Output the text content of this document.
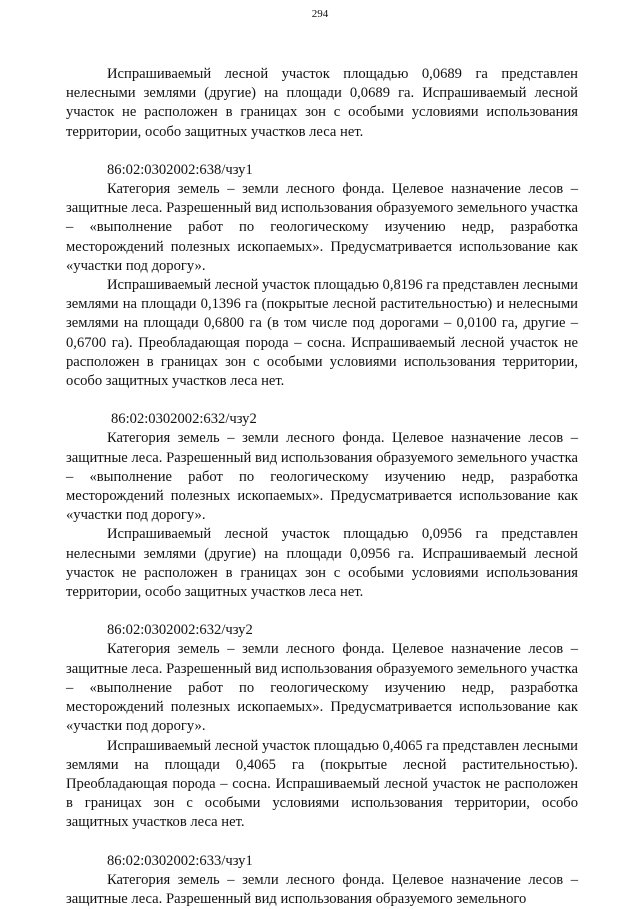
294

Испрашиваемый лесной участок площадью 0,0689 га представлен нелесными землями (другие) на площади 0,0689 га. Испрашиваемый лесной участок не расположен в границах зон с особыми условиями использования территории, особо защитных участков леса нет.

86:02:0302002:638/чзу1

Категория земель – земли лесного фонда. Целевое назначение лесов – защитные леса. Разрешенный вид использования образуемого земельного участка – «выполнение работ по геологическому изучению недр, разработка месторождений полезных ископаемых». Предусматривается использование как «участки под дорогу».

Испрашиваемый лесной участок площадью 0,8196 га представлен лесными землями на площади 0,1396 га (покрытые лесной растительностью) и нелесными землями на площади 0,6800 га (в том числе под дорогами – 0,0100 га, другие – 0,6700 га). Преобладающая порода – сосна. Испрашиваемый лесной участок не расположен в границах зон с особыми условиями использования территории, особо защитных участков леса нет.

86:02:0302002:632/чзу2

Категория земель – земли лесного фонда. Целевое назначение лесов – защитные леса. Разрешенный вид использования образуемого земельного участка – «выполнение работ по геологическому изучению недр, разработка месторождений полезных ископаемых». Предусматривается использование как «участки под дорогу».

Испрашиваемый лесной участок площадью 0,0956 га представлен нелесными землями (другие) на площади 0,0956 га. Испрашиваемый лесной участок не расположен в границах зон с особыми условиями использования территории, особо защитных участков леса нет.

86:02:0302002:632/чзу2

Категория земель – земли лесного фонда. Целевое назначение лесов – защитные леса. Разрешенный вид использования образуемого земельного участка – «выполнение работ по геологическому изучению недр, разработка месторождений полезных ископаемых». Предусматривается использование как «участки под дорогу».

Испрашиваемый лесной участок площадью 0,4065 га представлен лесными землями на площади 0,4065 га (покрытые лесной растительностью). Преобладающая порода – сосна. Испрашиваемый лесной участок не расположен в границах зон с особыми условиями использования территории, особо защитных участков леса нет.

86:02:0302002:633/чзу1

Категория земель – земли лесного фонда. Целевое назначение лесов – защитные леса. Разрешенный вид использования образуемого земельного
